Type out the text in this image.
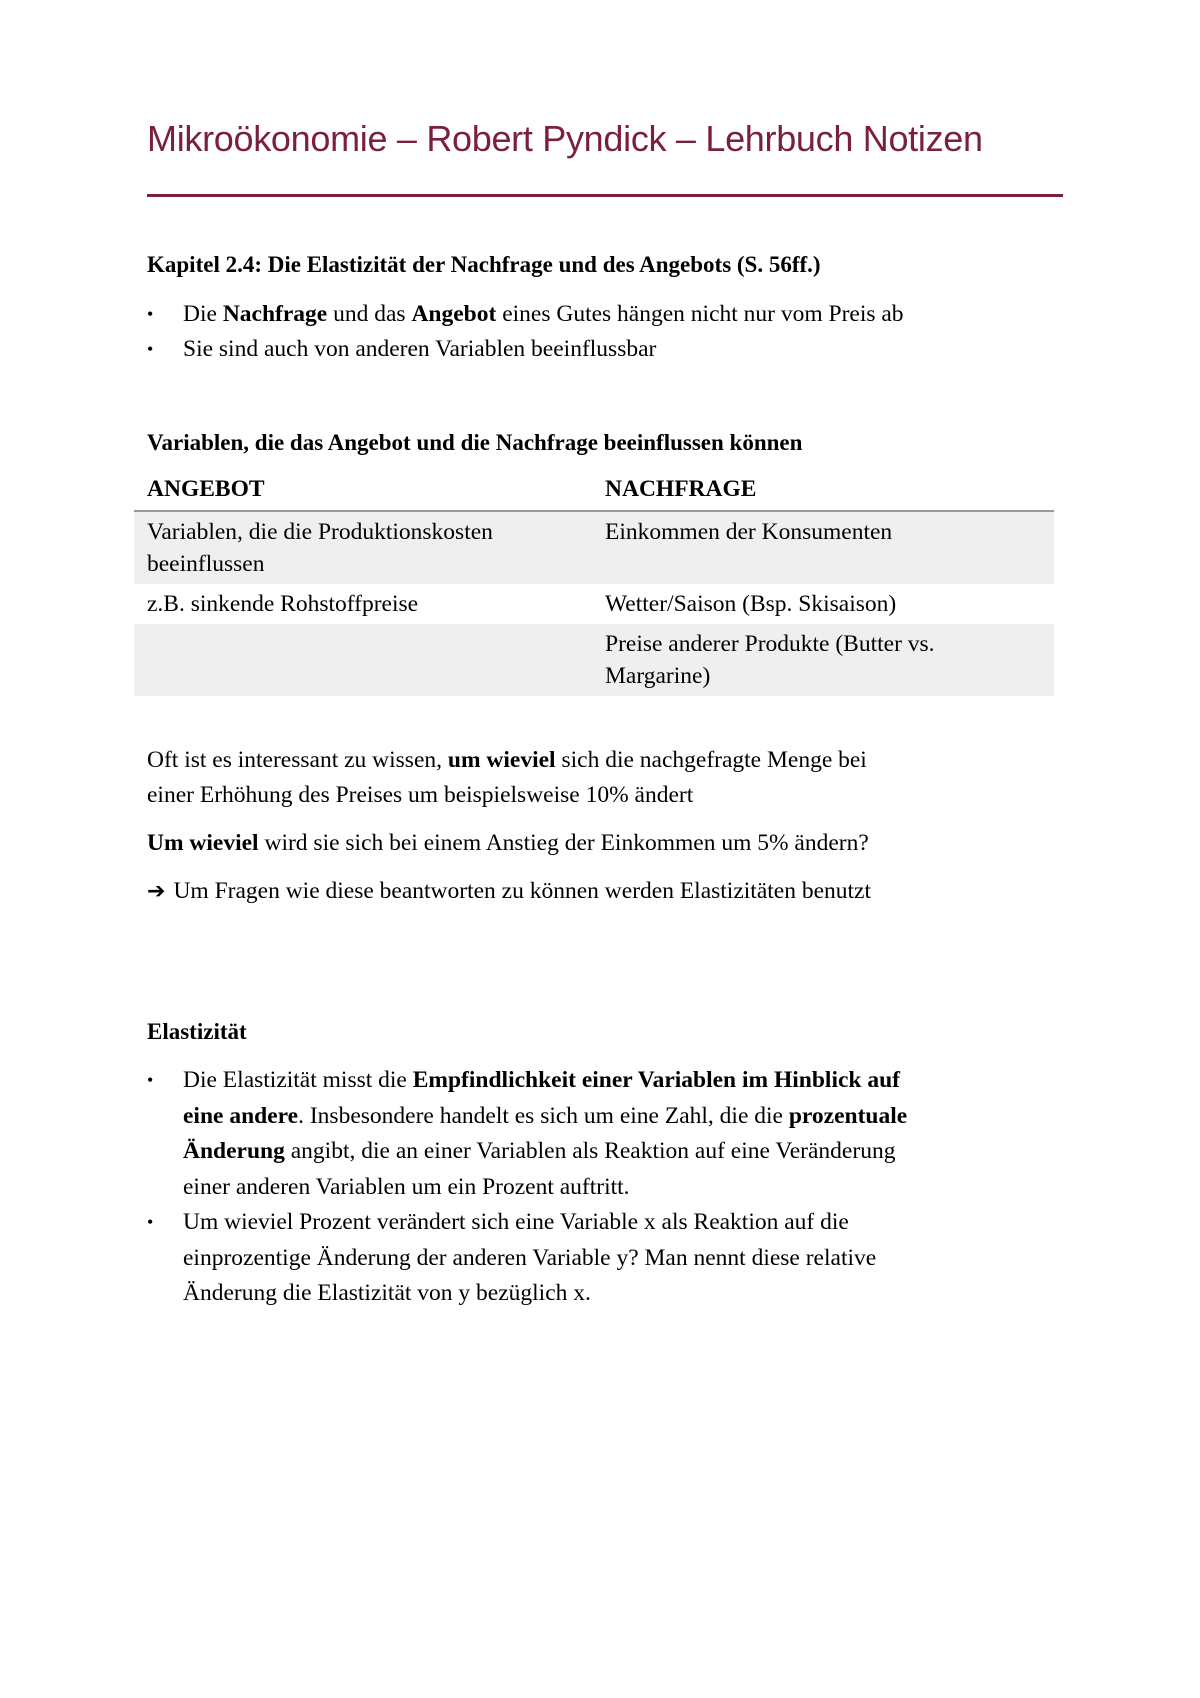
Mikroökonomie – Robert Pyndick – Lehrbuch Notizen
Kapitel 2.4: Die Elastizität der Nachfrage und des Angebots (S. 56ff.)
• Die Nachfrage und das Angebot eines Gutes hängen nicht nur vom Preis ab
• Sie sind auch von anderen Variablen beeinflussbar
Variablen, die das Angebot und die Nachfrage beeinflussen können
ANGEBOT	NACHFRAGE
Variablen, die die Produktionskosten beeinflussen	Einkommen der Konsumenten
z.B. sinkende Rohstoffpreise	Wetter/Saison (Bsp. Skisaison)
	Preise anderer Produkte (Butter vs. Margarine)
Oft ist es interessant zu wissen, um wieviel sich die nachgefragte Menge bei
einer Erhöhung des Preises um beispielsweise 10% ändert
Um wieviel wird sie sich bei einem Anstieg der Einkommen um 5% ändern?
➔ Um Fragen wie diese beantworten zu können werden Elastizitäten benutzt
Elastizität
• Die Elastizität misst die Empfindlichkeit einer Variablen im Hinblick auf
eine andere. Insbesondere handelt es sich um eine Zahl, die die prozentuale
Änderung angibt, die an einer Variablen als Reaktion auf eine Veränderung
einer anderen Variablen um ein Prozent auftritt.
• Um wieviel Prozent verändert sich eine Variable x als Reaktion auf die
einprozentige Änderung der anderen Variable y? Man nennt diese relative
Änderung die Elastizität von y bezüglich x.
